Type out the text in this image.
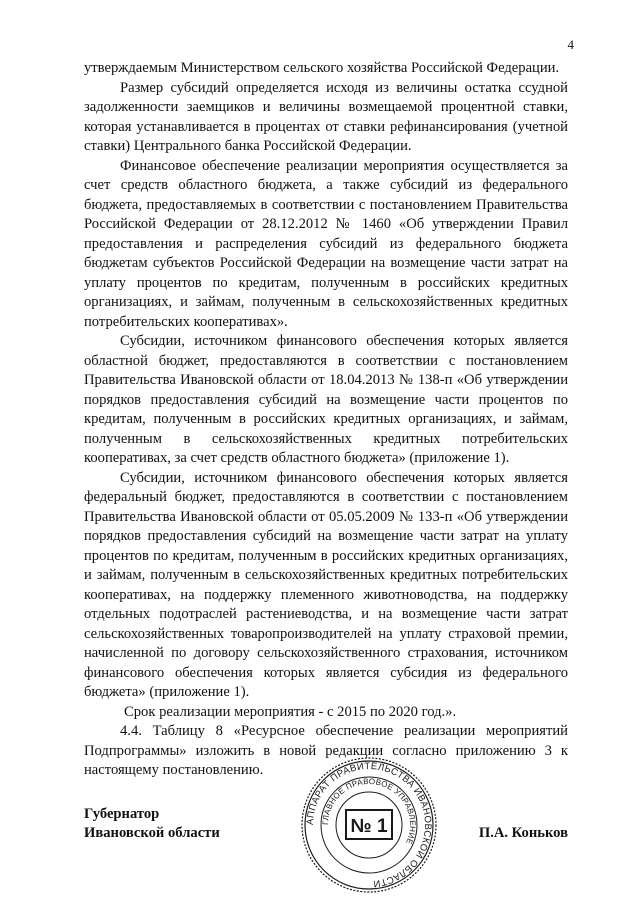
4

утверждаемым Министерством сельского хозяйства Российской Федерации.

Размер субсидий определяется исходя из величины остатка ссудной задолженности заемщиков и величины возмещаемой процентной ставки, которая устанавливается в процентах от ставки рефинансирования (учетной ставки) Центрального банка Российской Федерации.

Финансовое обеспечение реализации мероприятия осуществляется за счет средств областного бюджета, а также субсидий из федерального бюджета, предоставляемых в соответствии с постановлением Правительства Российской Федерации от 28.12.2012 № 1460 «Об утверждении Правил предоставления и распределения субсидий из федерального бюджета бюджетам субъектов Российской Федерации на возмещение части затрат на уплату процентов по кредитам, полученным в российских кредитных организациях, и займам, полученным в сельскохозяйственных кредитных потребительских кооперативах».

Субсидии, источником финансового обеспечения которых является областной бюджет, предоставляются в соответствии с постановлением Правительства Ивановской области от 18.04.2013 № 138-п «Об утверждении порядков предоставления субсидий на возмещение части процентов по кредитам, полученным в российских кредитных организациях, и займам, полученным в сельскохозяйственных кредитных потребительских кооперативах, за счет средств областного бюджета» (приложение 1).

Субсидии, источником финансового обеспечения которых является федеральный бюджет, предоставляются в соответствии с постановлением Правительства Ивановской области от 05.05.2009 № 133-п «Об утверждении порядков предоставления субсидий на возмещение части затрат на уплату процентов по кредитам, полученным в российских кредитных организациях, и займам, полученным в сельскохозяйственных кредитных потребительских кооперативах, на поддержку племенного животноводства, на поддержку отдельных подотраслей растениеводства, и на возмещение части затрат сельскохозяйственных товаропроизводителей на уплату страховой премии, начисленной по договору сельскохозяйственного страхования, источником финансового обеспечения которых является субсидия из федерального бюджета» (приложение 1).

Срок реализации мероприятия - с 2015 по 2020 год.».

4.4. Таблицу 8 «Ресурсное обеспечение реализации мероприятий Подпрограммы» изложить в новой редакции согласно приложению 3 к настоящему постановлению.

Губернатор
Ивановской области
АППАРАТ ПРАВИТЕЛЬСТВА ИВАНОВСКОЙ ОБЛАСТИ
ГЛАВНОЕ ПРАВОВОЕ УПРАВЛЕНИЕ
№ 1	П.А. Коньков
